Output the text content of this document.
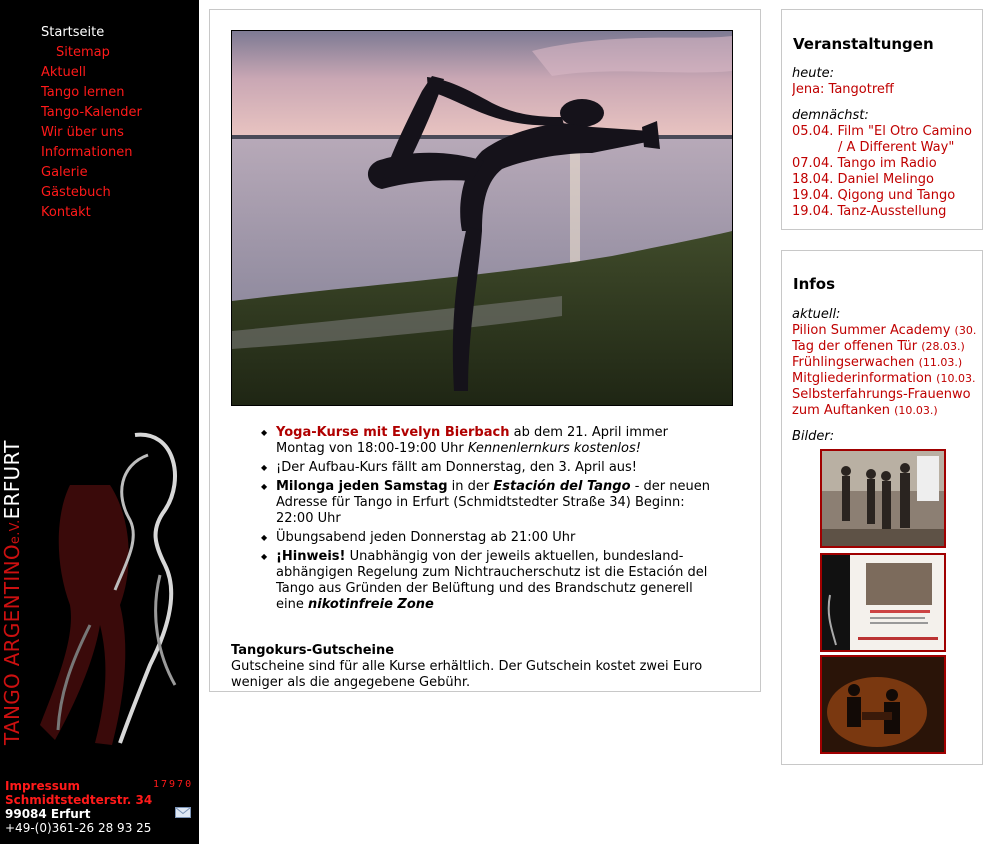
Startseite
Sitemap
Aktuell
Tango lernen
Tango-Kalender
Wir über uns
Informationen
Galerie
Gästebuch
Kontakt
TANGO ARGENTINOe.V.ERFURT
17970
Impressum
Schmidtstedterstr. 34
99084 Erfurt
+49-(0)361-26 28 93 25
◆ Yoga-Kurse mit Evelyn Bierbach ab dem 21. April immer Montag von 18:00-19:00 Uhr Kennenlernkurs kostenlos!
◆ ¡Der Aufbau-Kurs fällt am Donnerstag, den 3. April aus!
◆ Milonga jeden Samstag in der Estación del Tango - der neuen Adresse für Tango in Erfurt (Schmidtstedter Straße 34) Beginn: 22:00 Uhr
◆ Übungsabend jeden Donnerstag ab 21:00 Uhr
◆ ¡Hinweis! Unabhängig von der jeweils aktuellen, bundesland-abhängigen Regelung zum Nichtraucherschutz ist die Estación del Tango aus Gründen der Belüftung und des Brandschutz generell eine nikotinfreie Zone
Tangokurs-Gutscheine
Gutscheine sind für alle Kurse erhältlich. Der Gutschein kostet zwei Euro weniger als die angegebene Gebühr.
Veranstaltungen
heute:
Jena: Tangotreff
demnächst:
05.04. Film "El Otro Camino
/ A Different Way"
07.04. Tango im Radio
18.04. Daniel Melingo
19.04. Qigong und Tango
19.04. Tanz-Ausstellung
Infos
aktuell:
Pilion Summer Academy (30.
Tag der offenen Tür (28.03.)
Frühlingserwachen (11.03.)
Mitgliederinformation (10.03.
Selbsterfahrungs-Frauenwo
zum Auftanken (10.03.)
Bilder:
